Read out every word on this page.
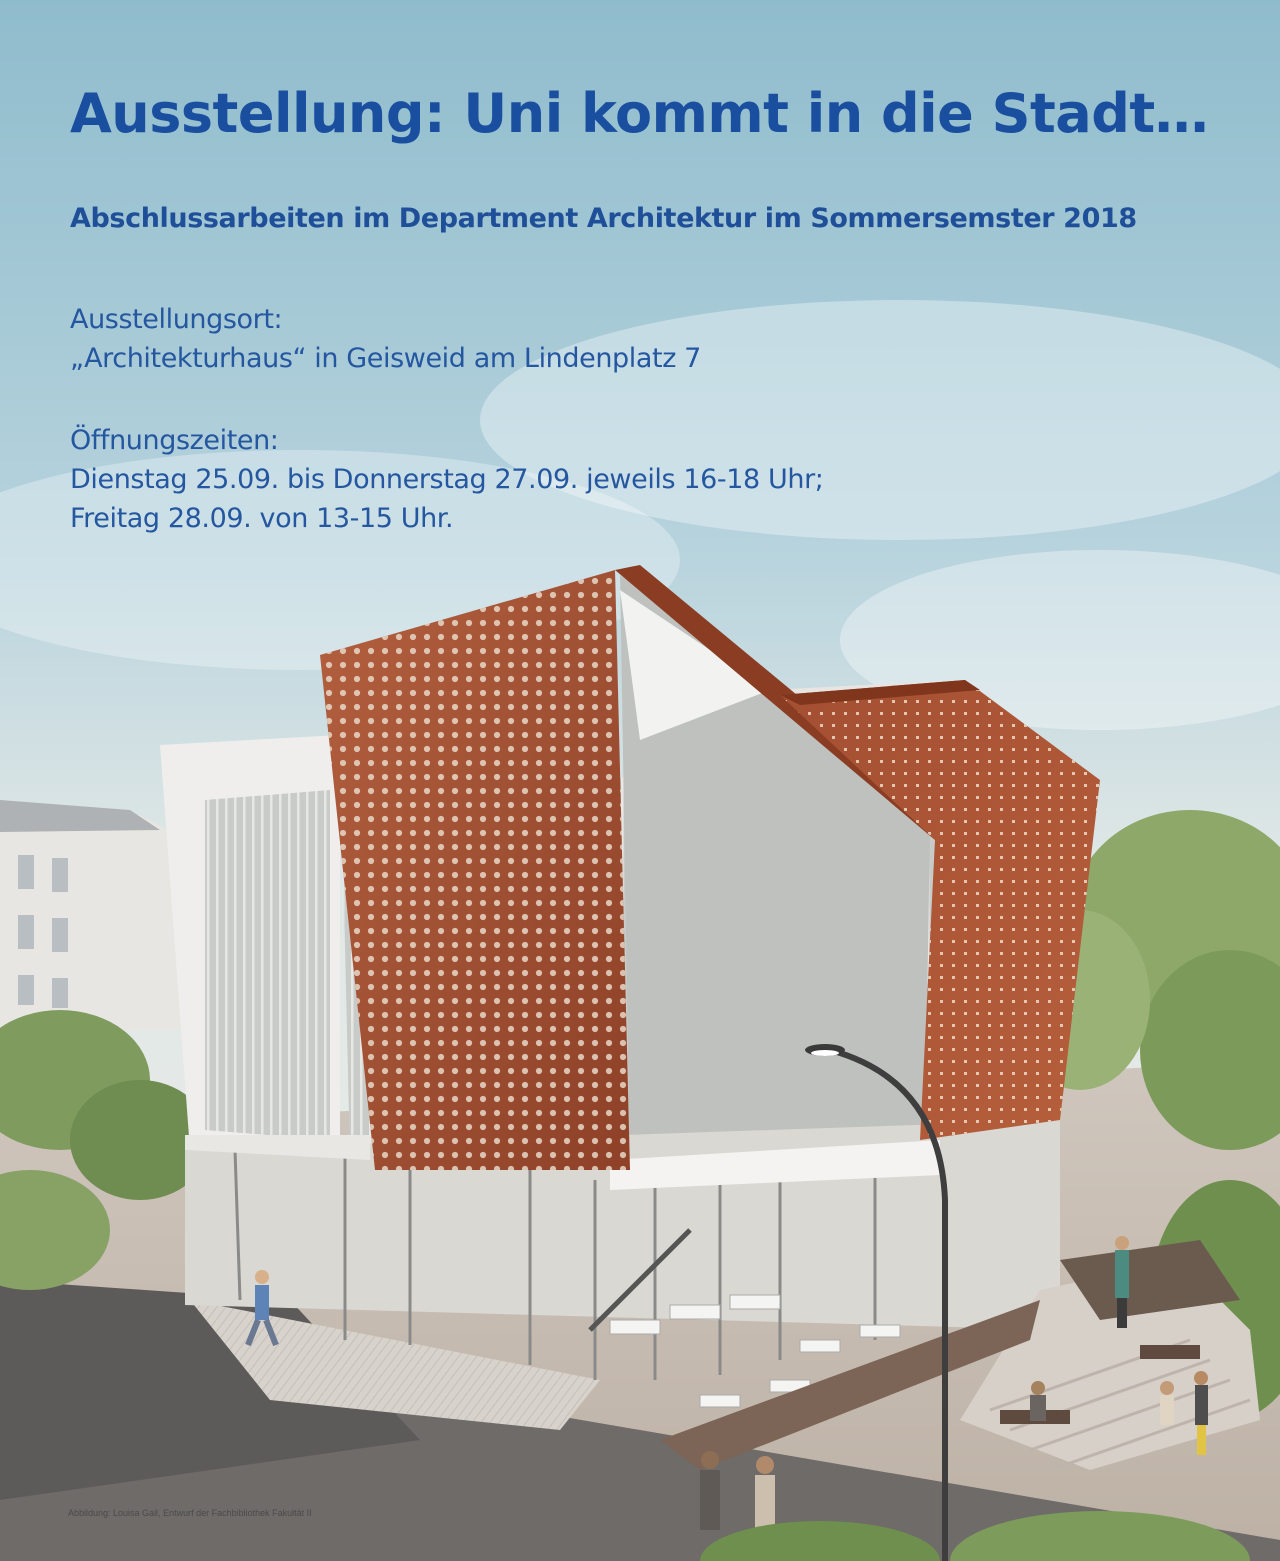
Ausstellung: Uni kommt in die Stadt…
Abschlussarbeiten im Department Architektur im Sommersemster 2018

Ausstellungsort:

„Architekturhaus“ in Geisweid am Lindenplatz 7

Öffnungszeiten:

Dienstag 25.09. bis Donnerstag 27.09. jeweils 16-18 Uhr;

Freitag 28.09. von 13-15 Uhr.

Abbildung: Louisa Gail, Entwurf der Fachbibliothek Fakultät II
